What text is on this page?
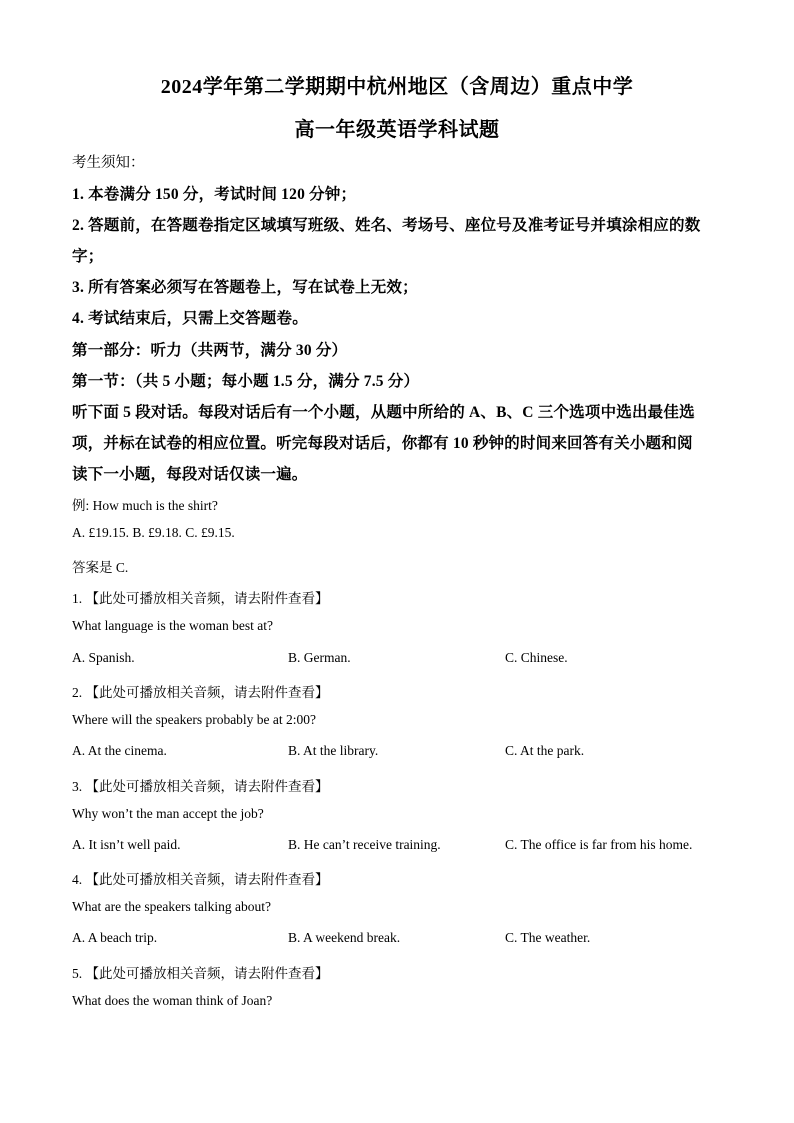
2024学年第二学期期中杭州地区（含周边）重点中学
高一年级英语学科试题
考生须知：
1. 本卷满分 150 分，考试时间 120 分钟；
2. 答题前，在答题卷指定区域填写班级、姓名、考场号、座位号及准考证号并填涂相应的数
字；
3. 所有答案必须写在答题卷上，写在试卷上无效；
4. 考试结束后，只需上交答题卷。
第一部分：听力（共两节，满分 30 分）
第一节：（共 5 小题；每小题 1.5 分，满分 7.5 分）
听下面 5 段对话。每段对话后有一个小题，从题中所给的 A、B、C 三个选项中选出最佳选
项，并标在试卷的相应位置。听完每段对话后，你都有 10 秒钟的时间来回答有关小题和阅
读下一小题，每段对话仅读一遍。
例: How much is the shirt?
A. £19.15. B. £9.18. C. £9.15.
答案是 C.
1. 【此处可播放相关音频，请去附件查看】
What language is the woman best at?
A. Spanish.	B. German.	C. Chinese.
2. 【此处可播放相关音频，请去附件查看】
Where will the speakers probably be at 2:00?
A. At the cinema.	B. At the library.	C. At the park.
3. 【此处可播放相关音频，请去附件查看】
Why won’t the man accept the job?
A. It isn’t well paid.	B. He can’t receive training.	C. The office is far from his home.
4. 【此处可播放相关音频，请去附件查看】
What are the speakers talking about?
A. A beach trip.	B. A weekend break.	C. The weather.
5. 【此处可播放相关音频，请去附件查看】
What does the woman think of Joan?
